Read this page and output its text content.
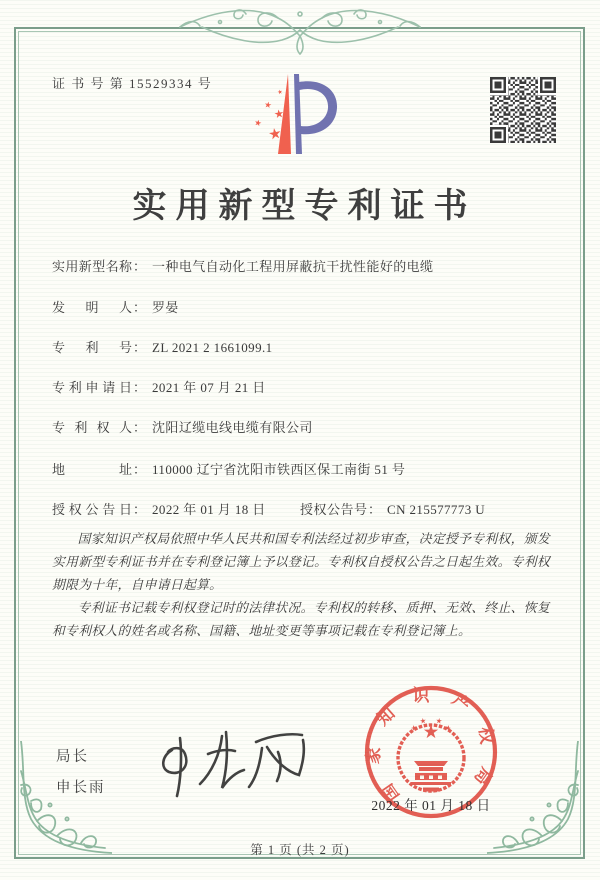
证 书 号 第 15529334 号
实用新型专利证书
实用新型名称： 一种电气自动化工程用屏蔽抗干扰性能好的电缆
发明人： 罗晏
专利号： ZL 2021 2 1661099.1
专利申请日： 2021 年 07 月 21 日
专利权人： 沈阳辽缆电线电缆有限公司
地址： 110000 辽宁省沈阳市铁西区保工南街 51 号
授权公告日： 2022 年 01 月 18 日	授权公告号： CN 215577773 U

国家知识产权局依照中华人民共和国专利法经过初步审查，决定授予专利权，颁发实用新型专利证书并在专利登记簿上予以登记。专利权自授权公告之日起生效。专利权期限为十年，自申请日起算。

专利证书记载专利权登记时的法律状况。专利权的转移、质押、无效、终止、恢复和专利权人的姓名或名称、国籍、地址变更等事项记载在专利登记簿上。

局长
申长雨	国家知识产权局
2022 年 01 月 18 日
第 1 页 (共 2 页)
